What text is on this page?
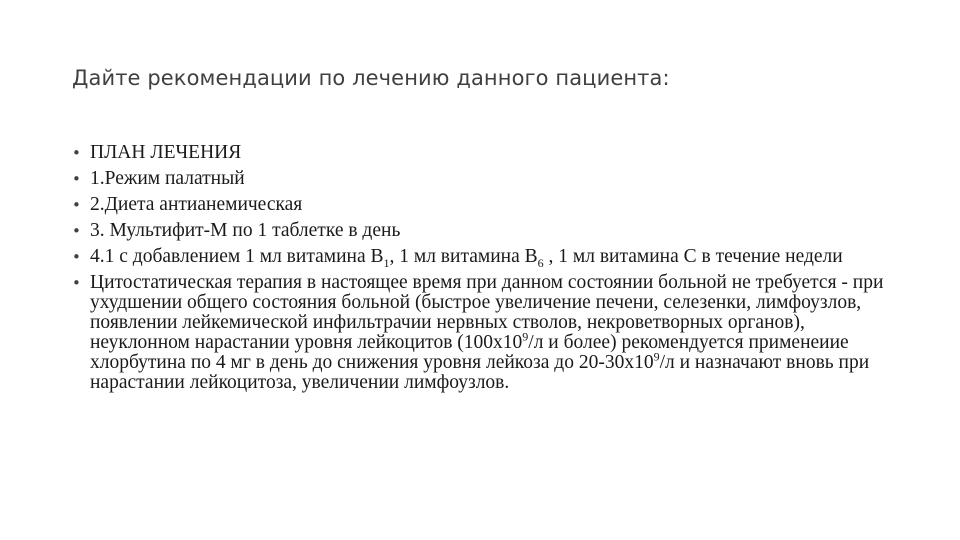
Дайте рекомендации по лечению данного пациента:
• ПЛАН ЛЕЧЕНИЯ
• 1.Режим палатный
• 2.Диета антианемическая
• 3. Мультифит-М по 1 таблетке в день
• 4.1 с добавлением 1 мл витамина $В_1$, 1 мл витамина $В_6$ , 1 мл витамина С в течение недели
• Цитостатическая терапия в настоящее время при данном состоянии больной не требуется - при ухудшении общего состояния больной (быстрое увеличение печени, селезенки, лимфоузлов, появлении лейкемической инфильтрачии нервных стволов, некроветворных органов), неуклонном нарастании уровня лейкоцитов ($100х10^9/л$ и более) рекомендуется применеиие хлорбутина по 4 мг в день до снижения уровня лейкоза до $20-30х10^9/л$ и назначают вновь при нарастании лейкоцитоза, увеличении лимфоузлов.
